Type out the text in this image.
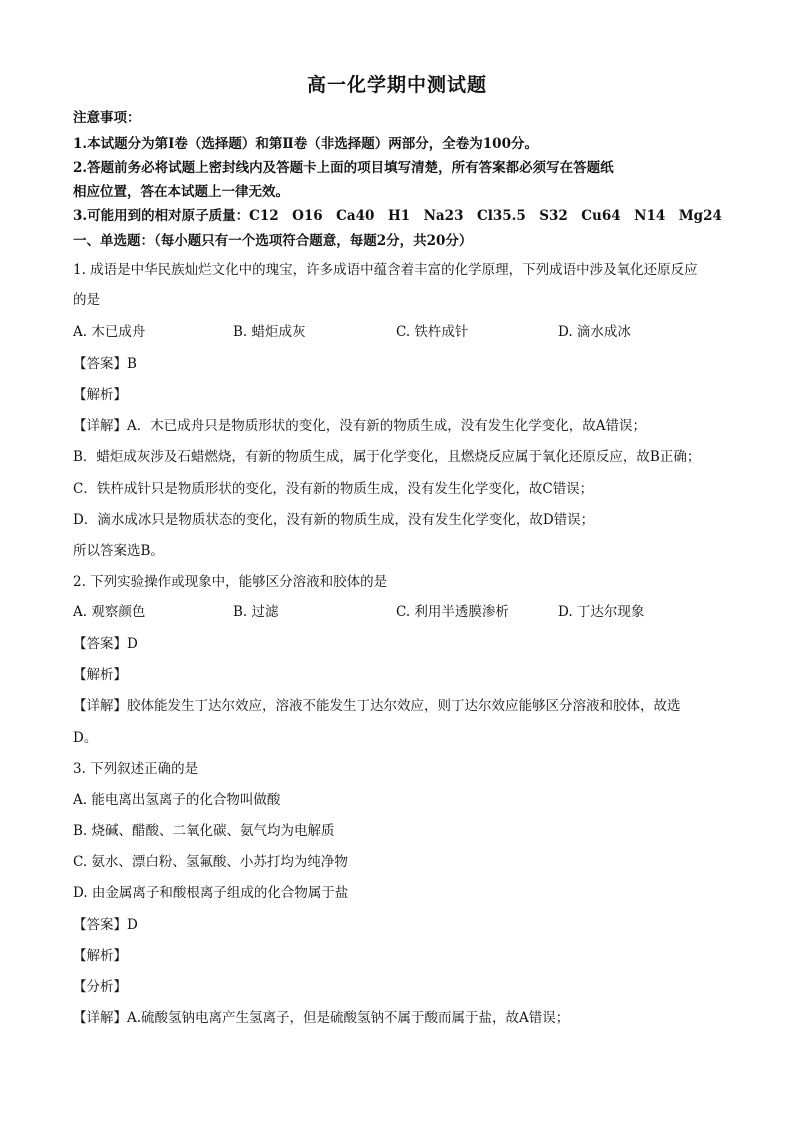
高一化学期中测试题
注意事项：
1.本试题分为第Ⅰ卷（选择题）和第Ⅱ卷（非选择题）两部分，全卷为100分。
2.答题前务必将试题上密封线内及答题卡上面的项目填写清楚，所有答案都必须写在答题纸
相应位置，答在本试题上一律无效。
3.可能用到的相对原子质量：C12　O16　Ca40　H1　Na23　Cl35.5　S32　Cu64　N14　Mg24
一、单选题：（每小题只有一个选项符合题意，每题2分，共20分）
1. 成语是中华民族灿烂文化中的瑰宝，许多成语中蕴含着丰富的化学原理，下列成语中涉及氧化还原反应
的是
A. 木已成舟	B. 蜡炬成灰	C. 铁杵成针	D. 滴水成冰
【答案】B
【解析】
【详解】A．木已成舟只是物质形状的变化，没有新的物质生成，没有发生化学变化，故A错误；
B．蜡炬成灰涉及石蜡燃烧，有新的物质生成，属于化学变化，且燃烧反应属于氧化还原反应，故B正确；
C．铁杵成针只是物质形状的变化，没有新的物质生成，没有发生化学变化，故C错误；
D．滴水成冰只是物质状态的变化，没有新的物质生成，没有发生化学变化，故D错误；
所以答案选B。
2. 下列实验操作或现象中，能够区分溶液和胶体的是
A. 观察颜色	B. 过滤	C. 利用半透膜渗析	D. 丁达尔现象
【答案】D
【解析】
【详解】胶体能发生丁达尔效应，溶液不能发生丁达尔效应，则丁达尔效应能够区分溶液和胶体，故选
D。
3. 下列叙述正确的是
A. 能电离出氢离子的化合物叫做酸
B. 烧碱、醋酸、二氧化碳、氨气均为电解质
C. 氨水、漂白粉、氢氟酸、小苏打均为纯净物
D. 由金属离子和酸根离子组成的化合物属于盐
【答案】D
【解析】
【分析】
【详解】A.硫酸氢钠电离产生氢离子，但是硫酸氢钠不属于酸而属于盐，故A错误；
